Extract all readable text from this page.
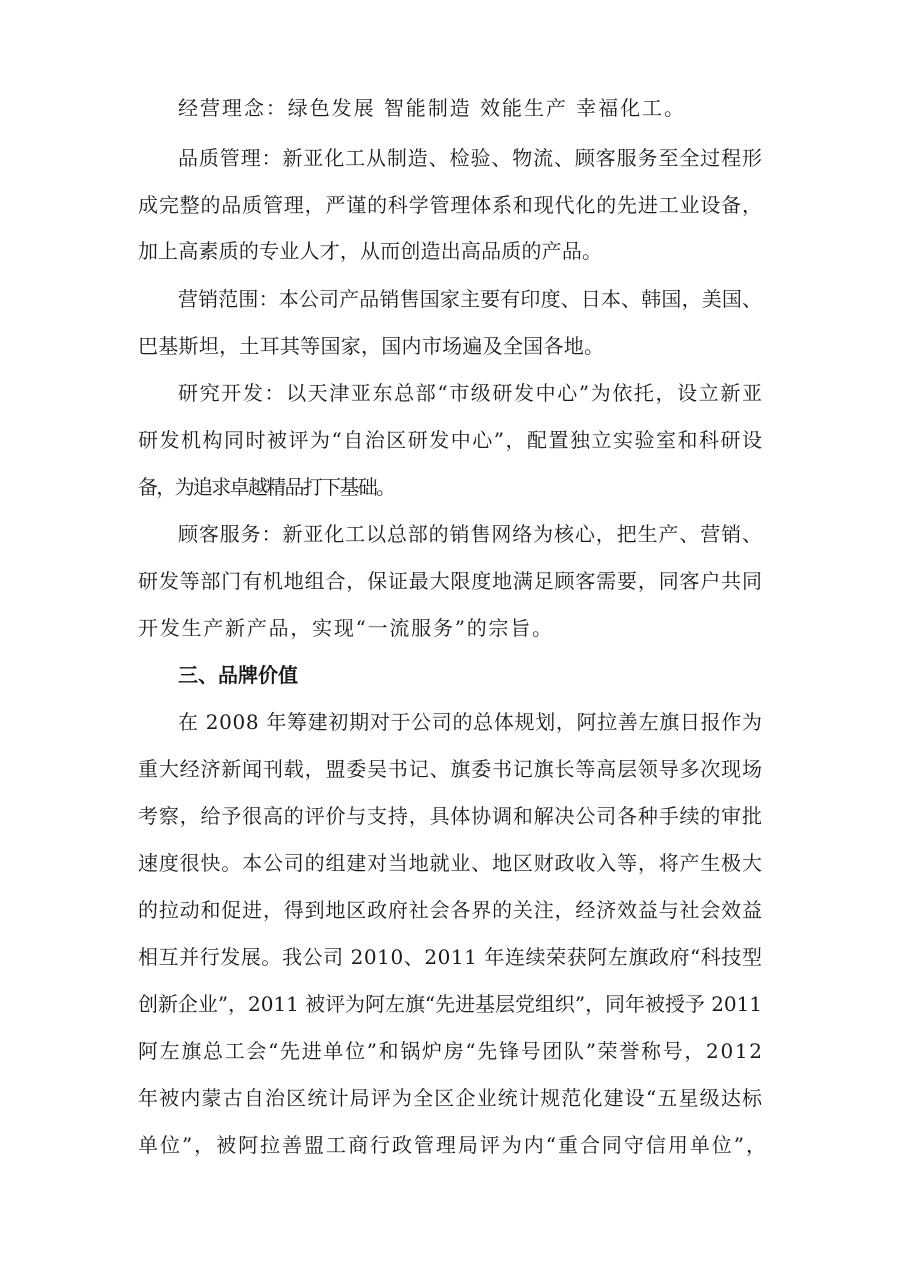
经营理念：绿色发展 智能制造 效能生产 幸福化工。
品质管理：新亚化工从制造、检验、物流、顾客服务至全过程形
成完整的品质管理，严谨的科学管理体系和现代化的先进工业设备，
加上高素质的专业人才，从而创造出高品质的产品。
营销范围：本公司产品销售国家主要有印度、日本、韩国，美国、
巴基斯坦，土耳其等国家，国内市场遍及全国各地。
研究开发：以天津亚东总部“市级研发中心”为依托，设立新亚
研发机构同时被评为“自治区研发中心”，配置独立实验室和科研设
备，为追求卓越精品打下基础。
顾客服务：新亚化工以总部的销售网络为核心，把生产、营销、
研发等部门有机地组合，保证最大限度地满足顾客需要，同客户共同
开发生产新产品，实现“一流服务”的宗旨。
三、品牌价值
在 2008 年筹建初期对于公司的总体规划，阿拉善左旗日报作为
重大经济新闻刊载，盟委吴书记、旗委书记旗长等高层领导多次现场
考察，给予很高的评价与支持，具体协调和解决公司各种手续的审批
速度很快。本公司的组建对当地就业、地区财政收入等，将产生极大
的拉动和促进，得到地区政府社会各界的关注，经济效益与社会效益
相互并行发展。我公司 2010、2011 年连续荣获阿左旗政府“科技型
创新企业”，2011 被评为阿左旗“先进基层党组织”，同年被授予 2011
阿左旗总工会“先进单位”和锅炉房“先锋号团队”荣誉称号，2012
年被内蒙古自治区统计局评为全区企业统计规范化建设“五星级达标
单位”，被阿拉善盟工商行政管理局评为内“重合同守信用单位”，
